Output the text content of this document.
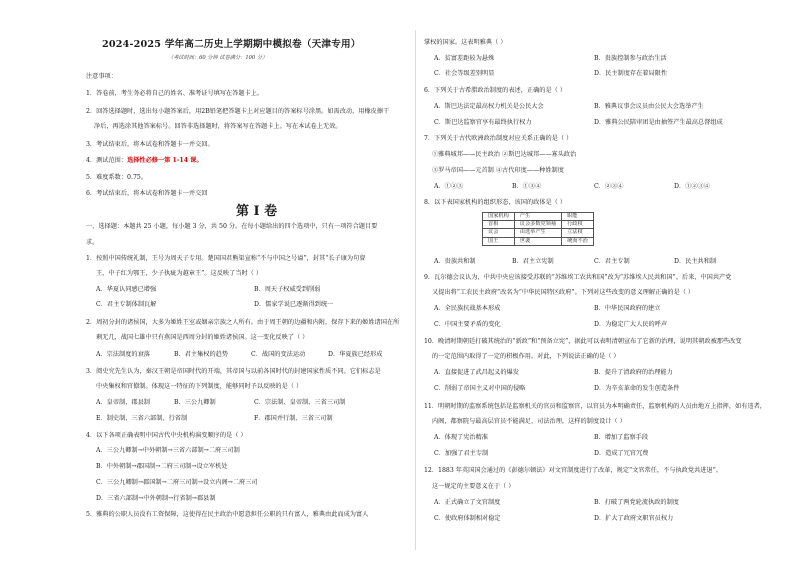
2024-2025 学年高二历史上学期期中模拟卷（天津专用）
（考试时间：60 分钟 试卷满分：100 分）
注意事项：
1．答卷前，考生务必将自己的姓名、准考证号填写在答题卡上。
2．回答选择题时，选出每小题答案后，用2B铅笔把答题卡上对应题目的答案标号涂黑。如需改动，用橡皮擦干
净后，再选涂其他答案标号。回答非选择题时，将答案写在答题卡上。写在本试卷上无效。
3．考试结束后，将本试卷和答题卡一并交回。
4．测试范围：选择性必修一第 1-14 课。
5．难度系数：0.75。
6．考试结束后，将本试卷和答题卡一并交回
第 I 卷
一、选择题：本题共 25 小题，每小题 3 分，共 50 分。在每小题给出的四个选项中，只有一项符合题目要
求。
1．按照中国传统礼制，王号为周天子专用。楚国国君熊渠宣称“不与中国之号谥”，封其“长子康为句亶
王，中子红为鄂王，少子执疵为越章王”。这反映了当时（ ）
A．华夏认同感已增强	B．周天子权威受到削弱
C．君主专制体制瓦解	D．儒家学说已逐渐得到统一
2．周初分封的诸侯国，大多为姬姓王室或姻亲宗族之人所有。由于周王朝的边疆和内附，保存下来的姬姓诸国在所
剩无几，战国七雄中只有燕国是西周分封的姬姓诸侯国。这一变化反映了（ ）
A．宗法制度的衰落	B．君主集权的趋势	C．战国的变法运动	D．华夏族已经形成
3．阅史究先生认为，秦汉王朝是帝国时代的开端，其帝国与以前各国时代的封建国家性质不同。它们标志是
中央集权和官僚制。体现这一特征的下列制度，能够同时予以反映的是（ ）
A．皇帝制、郡县制	B．三公九卿制	C．宗法制、皇帝制、三省三司制
E．制史制、三省六部制、行省制	F．郡国并行制、三省三司制
4．以下各项正确表明中国古代中央机构演变顺序的是（ ）
A．三公九卿制→中外朝制→三省六部制→二府三司制
B．中外朝制→郡国制→二府三司制→设立军机处
C．三公九卿制→郡国制→二府三司制→设立内阁→二府三司
D．三省六部制→中外朝制→行省制→郡县制
5．雅典的公职人员没有工资保障，这使得在民主政治中愿意担任公职的只有富人，雅典由此而成为富人
掌权的国家。这表明雅典（ ）
A．贫富差距较为悬殊	B．贵族控制参与政治生活
C．社会等级差别明显	D．民主制度存在着局限性
6．下列关于古希腊政治制度的表述，正确的是（ ）
A．斯巴达法定最高权力机关是公民大会	B．雅典议事会议员由公民大会选举产生
C．斯巴达监察官享有最终执行权力	D．雅典公民陪审团是由抽签产生最高总督组成
7．下列关于古代欧洲政治制度对应关系正确的是（ ）
①雅典城邦——民主政治 ②斯巴达城邦——寡头政治
③罗马帝国——元首制 ④古代印度——种姓制度
A．①②③	B．①③④	C．②③④	D．①②③④
8．以下表国家机构的组织形态，该国的政体是（ ）
国家机构	产生	职能
首相	议会多数党领袖	行政权
议会	由选举产生	立法权
国王	世袭	统而不治
A．贵族共和制	B．君主立宪制	C．君主专制	D．民主共和制
9．瓦尔德会议认为，中共中央应该接受苏联的“苏维埃工农共和国”改为“苏维埃人民共和国”。后来，中国共产党
又提出将“工农民主政府”改名为“中华民国特区政府”。下列对这些改变的意义理解正确的是（ ）
A．全民族抗战基本形成	B．中华民国政府的建立
C．中国主要矛盾的变化	D．为稳定广大人民的呼声
10．晚清时期朝廷打破其统治的“新政”和“预备立宪”，据此可以表明清朝宣布了它新的治理，说明其朝政被那些改变
的一定范围内取得了一定的积极作用。对此，下列说法正确的是（ ）
A．直接促进了武昌起义的爆发	B．提升了清政府的治理能力
C．削弱了帝国主义对中国的侵略	D．为辛亥革命的发生创造条件
11．明朝时期的监察系统包括是监察机关的官员和监察官，以官员为本明确责任，监察机构的人员由地方上指挥，如有违者，
内阁，都察院与最高层官员不能满足，司法治理，这样的制度设计（ ）
A．体现了宪治精准	B．增加了监察手段
C．加强了君主专制	D．造成了冗官冗费
12．1883 年英国国会通过的《彭德尔顿法》对文官制度进行了改革，规定“文官常任，不与执政党共进退”。
这一规定的主要意义在于（ ）
A．正式确立了文官制度	B．打破了两党轮流执政的制度
C．使政府体制相对稳定	D．扩大了政府文职官员权力
